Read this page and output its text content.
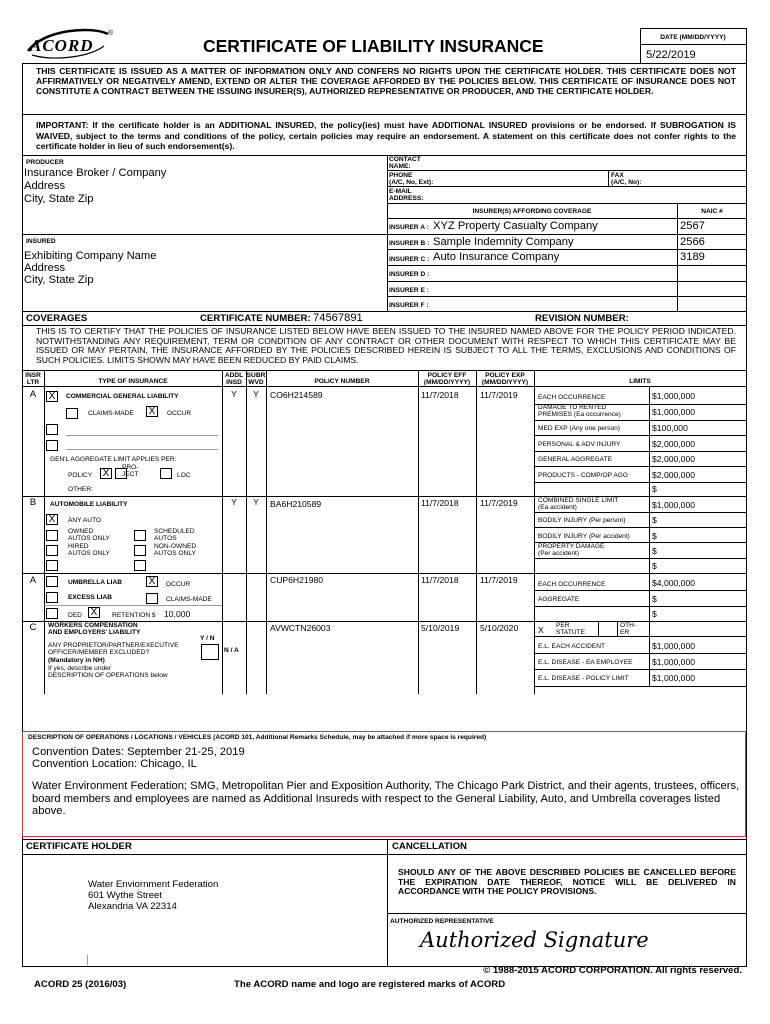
ACORD
®
CERTIFICATE OF LIABILITY INSURANCE	DATE (MM/DD/YYYY)
5/22/2019
THIS CERTIFICATE IS ISSUED AS A MATTER OF INFORMATION ONLY AND CONFERS NO RIGHTS UPON THE CERTIFICATE HOLDER. THIS CERTIFICATE DOES NOT AFFIRMATIVELY OR NEGATIVELY AMEND, EXTEND OR ALTER THE COVERAGE AFFORDED BY THE POLICIES BELOW. THIS CERTIFICATE OF INSURANCE DOES NOT CONSTITUTE A CONTRACT BETWEEN THE ISSUING INSURER(S), AUTHORIZED REPRESENTATIVE OR PRODUCER, AND THE CERTIFICATE HOLDER.
IMPORTANT: If the certificate holder is an ADDITIONAL INSURED, the policy(ies) must have ADDITIONAL INSURED provisions or be endorsed. If SUBROGATION IS WAIVED, subject to the terms and conditions of the policy, certain policies may require an endorsement. A statement on this certificate does not confer rights to the certificate holder in lieu of such endorsement(s).
PRODUCER
Insurance Broker / Company
Address
City, State Zip
CONTACT
NAME:
PHONE
(A/C, No, Ext):
FAX
(A/C, No):
E-MAIL
ADDRESS:
INSURER(S) AFFORDING COVERAGE	NAIC #
INSURER A : XYZ Property Casualty Company	2567
INSURER B : Sample Indemnity Company	2566
INSURER C : Auto Insurance Company	3189
INSURER D :
INSURER E :
INSURER F :
INSURED
Exhibiting Company Name
Address
City, State Zip
COVERAGES	CERTIFICATE NUMBER: 74567891	REVISION NUMBER:
THIS IS TO CERTIFY THAT THE POLICIES OF INSURANCE LISTED BELOW HAVE BEEN ISSUED TO THE INSURED NAMED ABOVE FOR THE POLICY PERIOD INDICATED. NOTWITHSTANDING ANY REQUIREMENT, TERM OR CONDITION OF ANY CONTRACT OR OTHER DOCUMENT WITH RESPECT TO WHICH THIS CERTIFICATE MAY BE ISSUED OR MAY PERTAIN, THE INSURANCE AFFORDED BY THE POLICIES DESCRIBED HEREIN IS SUBJECT TO ALL THE TERMS, EXCLUSIONS AND CONDITIONS OF SUCH POLICIES. LIMITS SHOWN MAY HAVE BEEN REDUCED BY PAID CLAIMS.
INSR
LTR	TYPE OF INSURANCE
ADDL
INSD
SUBR
WVD	POLICY NUMBER
POLICY EFF
(MM/DD/YYYY)
POLICY EXP
(MM/DD/YYYY)	LIMITS
A	X	COMMERCIAL GENERAL LIABILITY
CLAIMS-MADE X	OCCUR
GEN'L AGGREGATE LIMIT APPLIES PER:
POLICY X
PRO-
JECT	LOC
OTHER:
Y	Y	CO6H214589	11/7/2018 11/7/2019	EACH OCCURRENCE	$1,000,000
DAMAGE TO RENTED
PREMISES (Ea occurrence)	$1,000,000
MED EXP (Any one person)	$100,000
PERSONAL & ADV INJURY	$2,000,000
GENERAL AGGREGATE	$2,000,000
PRODUCTS - COMP/OP AGG	$2,000,000
$
B	AUTOMOBILE LIABILITY
X	ANY AUTO
OWNED
AUTOS ONLY
SCHEDULED
AUTOS
HIRED
AUTOS ONLY
NON-OWNED
AUTOS ONLY
Y	Y	BA6H210589	11/7/2018 11/7/2019	COMBINED SINGLE LIMIT
(Ea accident)	$1,000,000
BODILY INJURY (Per person)	$
BODILY INJURY (Per accident)	$
PROPERTY DAMAGE
(Per accident)	$
$
A	UMBRELLA LIAB	X	OCCUR
EXCESS LIAB	CLAIMS-MADE
DED X	RETENTION $ 10,000
CUP6H21980	11/7/2018 11/7/2019	EACH OCCURRENCE	$4,000,000
AGGREGATE	$
$
C	WORKERS COMPENSATION
AND EMPLOYERS' LIABILITY
Y / N
ANY PROPRIETOR/PARTNER/EXECUTIVE
OFFICER/MEMBER EXCLUDED?
(Mandatory in NH)
If yes, describe under
DESCRIPTION OF OPERATIONS below
N / A
AVWCTN26003	5/10/2019 5/10/2020 X PER
STATUTE
OTH-
ER
E.L. EACH ACCIDENT	$1,000,000
E.L. DISEASE - EA EMPLOYEE $1,000,000
E.L. DISEASE - POLICY LIMIT	$1,000,000
DESCRIPTION OF OPERATIONS / LOCATIONS / VEHICLES (ACORD 101, Additional Remarks Schedule, may be attached if more space is required)
Convention Dates: September 21-25, 2019
Convention Location: Chicago, IL
Water Environment Federation; SMG, Metropolitan Pier and Exposition Authority, The Chicago Park District, and their agents, trustees, officers, board members and employees are named as Additional Insureds with respect to the General Liability, Auto, and Umbrella coverages listed above.
CERTIFICATE HOLDER	CANCELLATION
Water Enviornment Federation
601 Wythe Street
Alexandria VA 22314
SHOULD ANY OF THE ABOVE DESCRIBED POLICIES BE CANCELLED BEFORE THE EXPIRATION DATE THEREOF, NOTICE WILL BE DELIVERED IN ACCORDANCE WITH THE POLICY PROVISIONS.
AUTHORIZED REPRESENTATIVE
Authorized Signature
© 1988-2015 ACORD CORPORATION. All rights reserved.
ACORD 25 (2016/03)	The ACORD name and logo are registered marks of ACORD
